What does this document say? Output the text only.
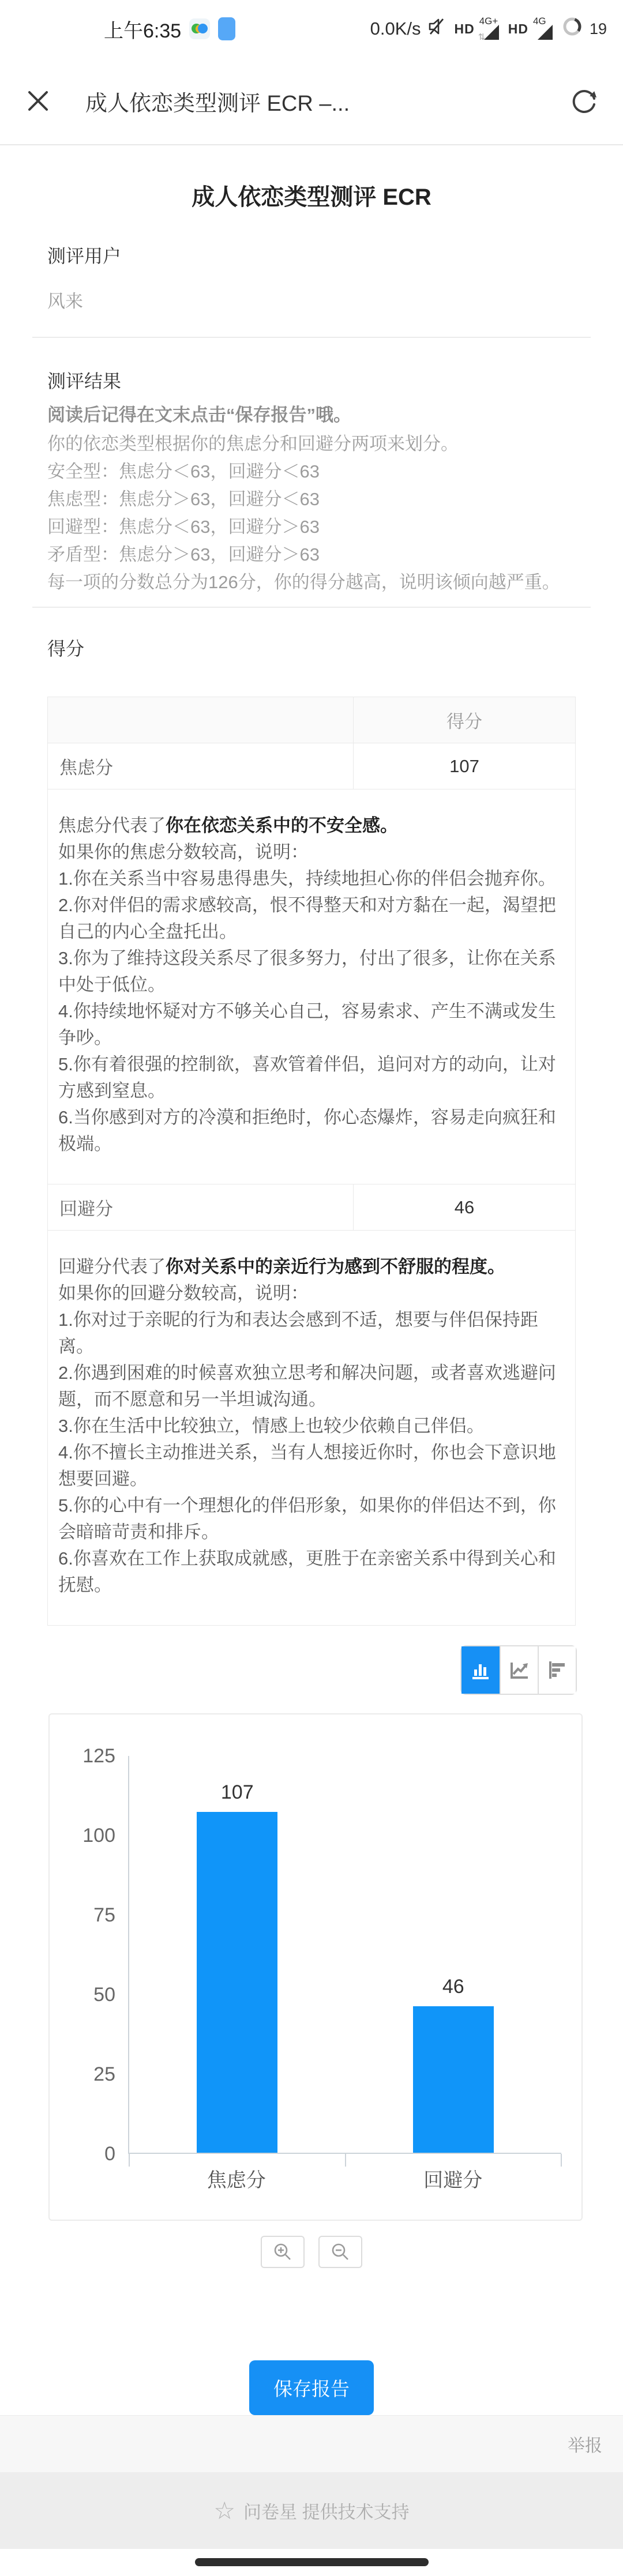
上午6:35	0.0K/s	HD 4G+
⇅
HD 4G	19
成人依恋类型测评 ECR –...
成人依恋类型测评 ECR
测评用户
风来
测评结果
阅读后记得在文末点击“保存报告”哦。
你的依恋类型根据你的焦虑分和回避分两项来划分。
安全型：焦虑分＜63，回避分＜63
焦虑型：焦虑分＞63，回避分＜63
回避型：焦虑分＜63，回避分＞63
矛盾型：焦虑分＞63，回避分＞63
每一项的分数总分为126分，你的得分越高，说明该倾向越严重。
得分
	得分
焦虑分	107

焦虑分代表了你在依恋关系中的不安全感。
如果你的焦虑分数较高，说明：
1.你在关系当中容易患得患失，持续地担心你的伴侣会抛弃你。
2.你对伴侣的需求感较高，恨不得整天和对方黏在一起，渴望把自己的内心全盘托出。
3.你为了维持这段关系尽了很多努力，付出了很多，让你在关系中处于低位。
4.你持续地怀疑对方不够关心自己，容易索求、产生不满或发生争吵。
5.你有着很强的控制欲，喜欢管着伴侣，追问对方的动向，让对方感到窒息。
6.当你感到对方的冷漠和拒绝时，你心态爆炸，容易走向疯狂和极端。

回避分	46

回避分代表了你对关系中的亲近行为感到不舒服的程度。
如果你的回避分数较高，说明：
1.你对过于亲昵的行为和表达会感到不适，想要与伴侣保持距离。
2.你遇到困难的时候喜欢独立思考和解决问题，或者喜欢逃避问题，而不愿意和另一半坦诚沟通。
3.你在生活中比较独立，情感上也较少依赖自己伴侣。
4.你不擅长主动推进关系，当有人想接近你时，你也会下意识地想要回避。
5.你的心中有一个理想化的伴侣形象，如果你的伴侣达不到，你会暗暗苛责和排斥。
6.你喜欢在工作上获取成就感，更胜于在亲密关系中得到关心和抚慰。
0
25
50
75
100
125
107
46
焦虑分	回避分
保存报告
举报
☆ 问卷星 提供技术支持
